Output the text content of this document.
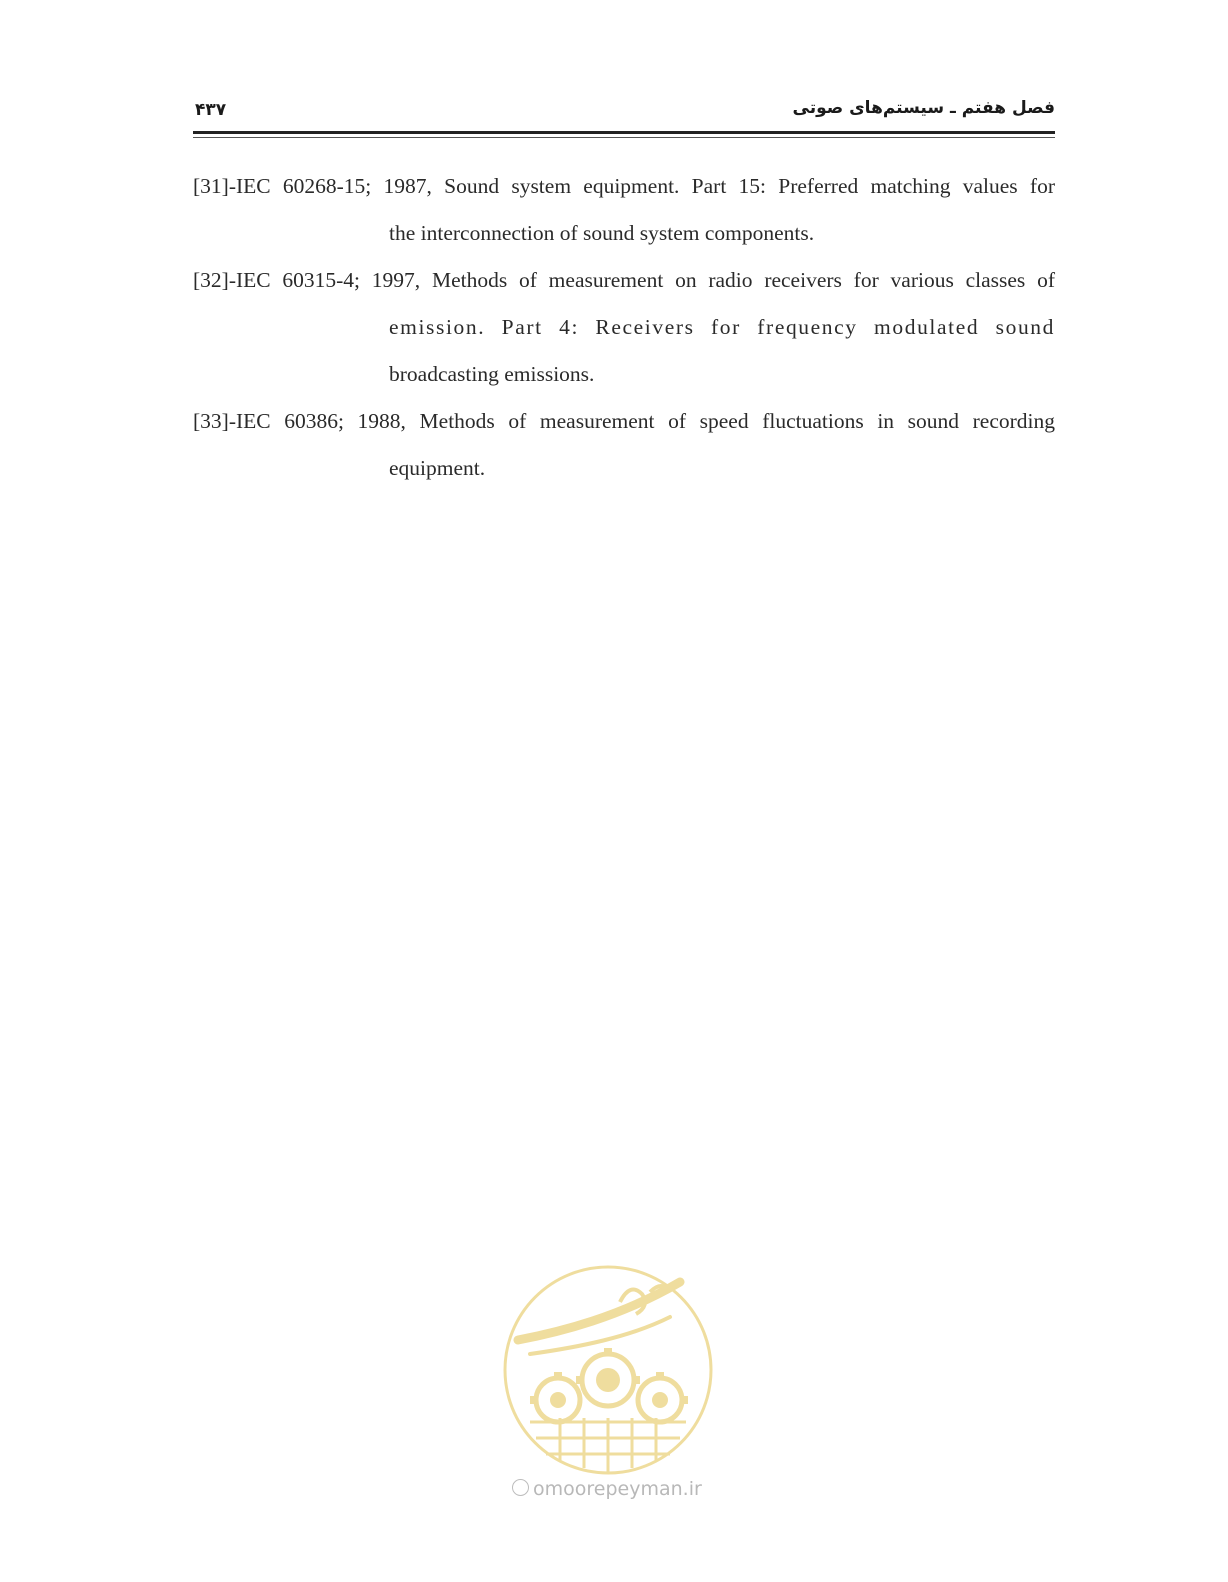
۴۳۷	فصل هفتم ـ سیستم‌های صوتی
[31]-IEC 60268-15; 1987, Sound system equipment. Part 15: Preferred matching values for
the interconnection of sound system components.
[32]-IEC 60315-4; 1997, Methods of measurement on radio receivers for various classes of
emission. Part 4: Receivers for frequency modulated sound
broadcasting emissions.
[33]-IEC 60386; 1988, Methods of measurement of speed fluctuations in sound recording
equipment.
omoorepeyman.ir
